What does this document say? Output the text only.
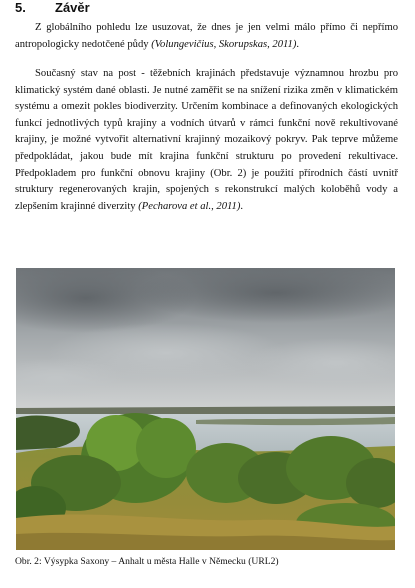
5. Závěr

Z globálního pohledu lze usuzovat, že dnes je jen velmi málo přímo či nepřímo antropologicky nedotčené půdy (Volungevičius, Skorupskas, 2011).

Současný stav na post - těžebních krajinách představuje významnou hrozbu pro klimatický systém dané oblasti. Je nutné zaměřit se na snížení rizika změn v klimatickém systému a omezit pokles biodiverzity. Určením kombinace a definovaných ekologických funkcí jednotlivých typů krajiny a vodních útvarů v rámci funkční nově rekultivované krajiny, je možné vytvořit alternativní krajinný mozaikový pokryv. Pak teprve můžeme předpokládat, jakou bude mít krajina funkční strukturu po provedení rekultivace. Předpokladem pro funkční obnovu krajiny (Obr. 2) je použití přírodních částí uvnitř struktury regenerovaných krajin, spojených s rekonstrukcí malých koloběhů vody a zlepšením krajinné diverzity (Pecharova et al., 2011).

Obr. 2: Výsypka Saxony – Anhalt u města Halle v Německu (URL2)
